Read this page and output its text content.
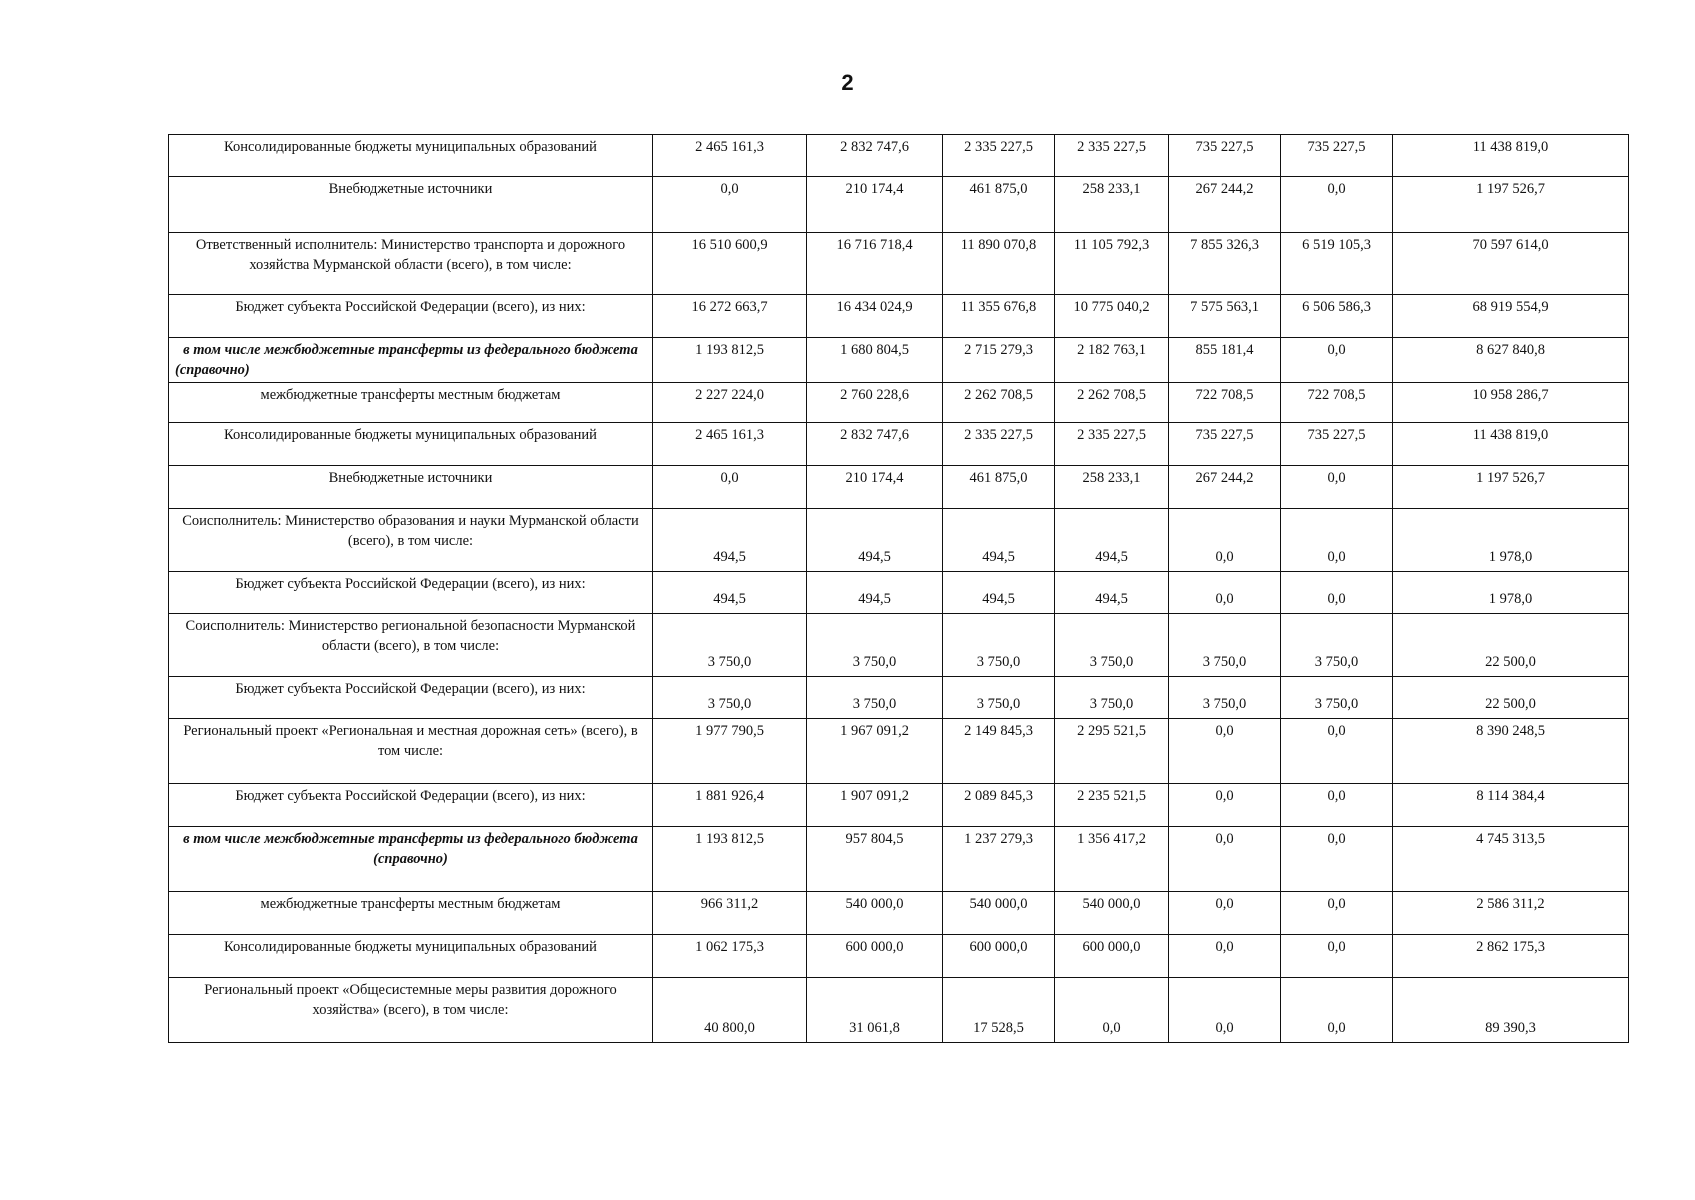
2
Консолидированные бюджеты муниципальных образований	2 465 161,3	2 832 747,6	2 335 227,5	2 335 227,5	735 227,5	735 227,5	11 438 819,0
Внебюджетные источники	0,0	210 174,4	461 875,0	258 233,1	267 244,2	0,0	1 197 526,7
Ответственный исполнитель: Министерство транспорта и дорожного хозяйства Мурманской области (всего), в том числе:	16 510 600,9	16 716 718,4	11 890 070,8	11 105 792,3	7 855 326,3	6 519 105,3	70 597 614,0
Бюджет субъекта Российской Федерации (всего), из них:	16 272 663,7	16 434 024,9	11 355 676,8	10 775 040,2	7 575 563,1	6 506 586,3	68 919 554,9
в том числе межбюджетные трансферты из федерального бюджета (справочно)	1 193 812,5	1 680 804,5	2 715 279,3	2 182 763,1	855 181,4	0,0	8 627 840,8
межбюджетные трансферты местным бюджетам	2 227 224,0	2 760 228,6	2 262 708,5	2 262 708,5	722 708,5	722 708,5	10 958 286,7
Консолидированные бюджеты муниципальных образований	2 465 161,3	2 832 747,6	2 335 227,5	2 335 227,5	735 227,5	735 227,5	11 438 819,0
Внебюджетные источники	0,0	210 174,4	461 875,0	258 233,1	267 244,2	0,0	1 197 526,7
Соисполнитель: Министерство образования и науки Мурманской области (всего), в том числе:	494,5	494,5	494,5	494,5	0,0	0,0	1 978,0
Бюджет субъекта Российской Федерации (всего), из них:	494,5	494,5	494,5	494,5	0,0	0,0	1 978,0
Соисполнитель: Министерство региональной безопасности Мурманской области (всего), в том числе:	3 750,0	3 750,0	3 750,0	3 750,0	3 750,0	3 750,0	22 500,0
Бюджет субъекта Российской Федерации (всего), из них:	3 750,0	3 750,0	3 750,0	3 750,0	3 750,0	3 750,0	22 500,0
Региональный проект «Региональная и местная дорожная сеть» (всего), в том числе:	1 977 790,5	1 967 091,2	2 149 845,3	2 295 521,5	0,0	0,0	8 390 248,5
Бюджет субъекта Российской Федерации (всего), из них:	1 881 926,4	1 907 091,2	2 089 845,3	2 235 521,5	0,0	0,0	8 114 384,4
в том числе межбюджетные трансферты из федерального бюджета (справочно)	1 193 812,5	957 804,5	1 237 279,3	1 356 417,2	0,0	0,0	4 745 313,5
межбюджетные трансферты местным бюджетам	966 311,2	540 000,0	540 000,0	540 000,0	0,0	0,0	2 586 311,2
Консолидированные бюджеты муниципальных образований	1 062 175,3	600 000,0	600 000,0	600 000,0	0,0	0,0	2 862 175,3
Региональный проект «Общесистемные меры развития дорожного хозяйства» (всего), в том числе:	40 800,0	31 061,8	17 528,5	0,0	0,0	0,0	89 390,3
